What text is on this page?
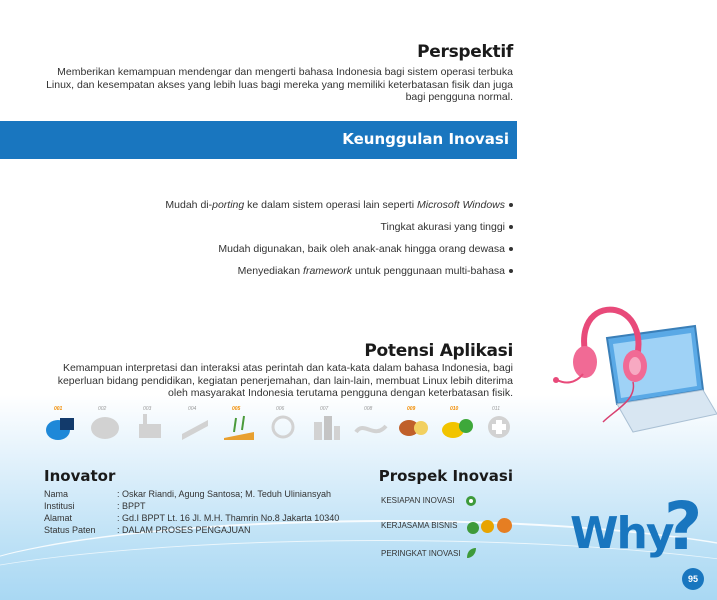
Perspektif
Memberikan kemampuan mendengar dan mengerti bahasa Indonesia bagi sistem operasi terbuka Linux, dan kesempatan akses yang lebih luas bagi mereka yang memiliki keterbatasan fisik dan juga bagi pengguna normal.
Keunggulan Inovasi
Mudah di-porting ke dalam sistem operasi lain seperti Microsoft Windows
Tingkat akurasi yang tinggi
Mudah digunakan, baik oleh anak-anak hingga orang dewasa
Menyediakan framework untuk penggunaan multi-bahasa
Potensi Aplikasi
Kemampuan interpretasi dan interaksi atas perintah dan kata-kata dalam bahasa Indonesia, bagi keperluan bidang pendidikan, kegiatan penerjemahan, dan lain-lain, membuat Linux lebih diterima oleh masyarakat Indonesia terutama pengguna dengan keterbatasan fisik.
001	002	003	004	005	006	007	008	009	010	011
Inovator
Nama	: Oskar Riandi, Agung Santosa; M. Teduh Uliniansyah
Institusi	: BPPT
Alamat	: Gd.I BPPT Lt. 16 Jl. M.H. Thamrin No.8 Jakarta 10340
Status Paten : DALAM PROSES PENGAJUAN
Prospek Inovasi
KESIAPAN INOVASI
KERJASAMA BISNIS
PERINGKAT INOVASI Why
?
95
